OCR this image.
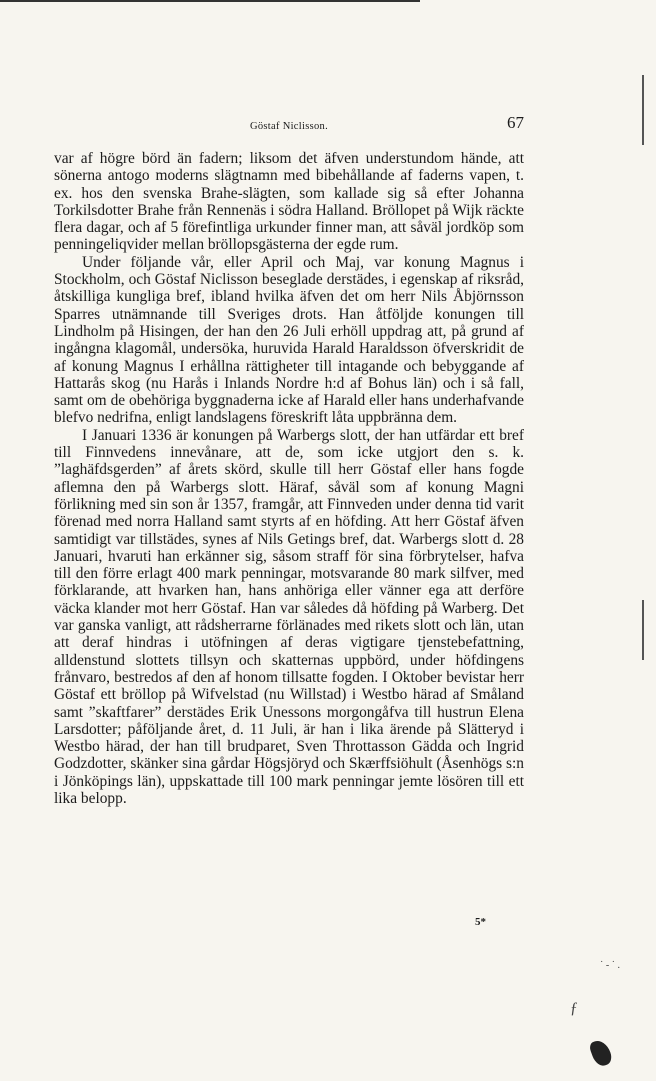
Göstaf Niclisson.	67

var af högre börd än fadern; liksom det äfven understundom hände, att sönerna antogo moderns slägtnamn med bibehållande af faderns vapen, t. ex. hos den svenska Brahe-slägten, som kallade sig så efter Johanna Torkilsdotter Brahe från Rennenäs i södra Halland. Bröllopet på Wijk räckte flera dagar, och af 5 förefintliga urkunder finner man, att såväl jordköp som penningeliqvider mellan bröllopsgästerna der egde rum.

Under följande vår, eller April och Maj, var konung Magnus i Stockholm, och Göstaf Niclisson beseglade derstädes, i egenskap af riksråd, åtskilliga kungliga bref, ibland hvilka äfven det om herr Nils Åbjörnsson Sparres utnämnande till Sveriges drots. Han åtföljde konungen till Lindholm på Hisingen, der han den 26 Juli erhöll uppdrag att, på grund af ingångna klagomål, undersöka, huruvida Harald Haraldsson öfverskridit de af konung Magnus I erhållna rättigheter till intagande och bebyggande af Hattarås skog (nu Harås i Inlands Nordre h:d af Bohus län) och i så fall, samt om de obehöriga byggnaderna icke af Harald eller hans underhafvande blefvo nedrifna, enligt landslagens föreskrift låta uppbränna dem.

I Januari 1336 är konungen på Warbergs slott, der han utfärdar ett bref till Finnvedens innevånare, att de, som icke utgjort den s. k. ”laghäfdsgerden” af årets skörd, skulle till herr Göstaf eller hans fogde aflemna den på Warbergs slott. Häraf, såväl som af konung Magni förlikning med sin son år 1357, framgår, att Finnveden under denna tid varit förenad med norra Halland samt styrts af en höfding. Att herr Göstaf äfven samtidigt var tillstädes, synes af Nils Getings bref, dat. Warbergs slott d. 28 Januari, hvaruti han erkänner sig, såsom straff för sina förbrytelser, hafva till den förre erlagt 400 mark penningar, motsvarande 80 mark silfver, med förklarande, att hvarken han, hans anhöriga eller vänner ega att derföre väcka klander mot herr Göstaf. Han var således då höfding på Warberg. Det var ganska vanligt, att rådsherrarne förlänades med rikets slott och län, utan att deraf hindras i utöfningen af deras vigtigare tjenstebefattning, alldenstund slottets tillsyn och skatternas uppbörd, under höfdingens frånvaro, bestredos af den af honom tillsatte fogden. I Oktober bevistar herr Göstaf ett bröllop på Wifvelstad (nu Willstad) i Westbo härad af Småland samt ”skaftfarer” derstädes Erik Unessons morgongåfva till hustrun Elena Larsdotter; påföljande året, d. 11 Juli, är han i lika ärende på Slätteryd i Westbo härad, der han till brudparet, Sven Throttasson Gädda och Ingrid Godzdotter, skänker sina gårdar Högsjöryd och Skærffsiöhult (Åsenhögs s:n i Jönköpings län), uppskattade till 100 mark penningar jemte lösören till ett lika belopp.

5*
˙ ‑ ˙ .
ƒ
